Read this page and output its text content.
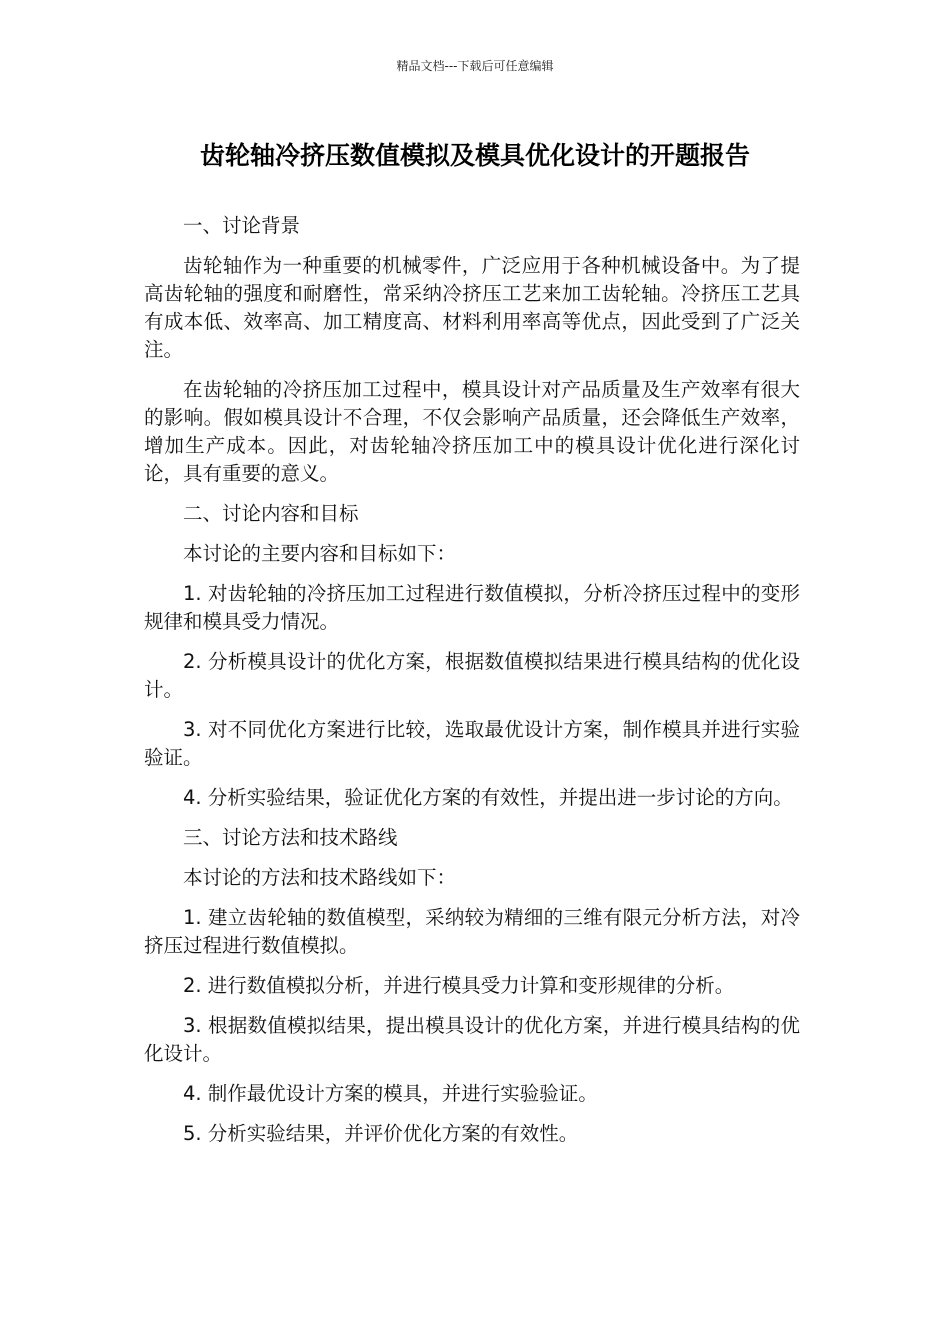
精品文档---下载后可任意编辑
齿轮轴冷挤压数值模拟及模具优化设计的开题报告

一、讨论背景

齿轮轴作为一种重要的机械零件，广泛应用于各种机械设备中。为了提高齿轮轴的强度和耐磨性，常采纳冷挤压工艺来加工齿轮轴。冷挤压工艺具有成本低、效率高、加工精度高、材料利用率高等优点，因此受到了广泛关注。

在齿轮轴的冷挤压加工过程中，模具设计对产品质量及生产效率有很大的影响。假如模具设计不合理，不仅会影响产品质量，还会降低生产效率，增加生产成本。因此，对齿轮轴冷挤压加工中的模具设计优化进行深化讨论，具有重要的意义。

二、讨论内容和目标

本讨论的主要内容和目标如下：

1. 对齿轮轴的冷挤压加工过程进行数值模拟，分析冷挤压过程中的变形规律和模具受力情况。

2. 分析模具设计的优化方案，根据数值模拟结果进行模具结构的优化设计。

3. 对不同优化方案进行比较，选取最优设计方案，制作模具并进行实验验证。

4. 分析实验结果，验证优化方案的有效性，并提出进一步讨论的方向。

三、讨论方法和技术路线

本讨论的方法和技术路线如下：

1. 建立齿轮轴的数值模型，采纳较为精细的三维有限元分析方法，对冷挤压过程进行数值模拟。

2. 进行数值模拟分析，并进行模具受力计算和变形规律的分析。

3. 根据数值模拟结果，提出模具设计的优化方案，并进行模具结构的优化设计。

4. 制作最优设计方案的模具，并进行实验验证。

5. 分析实验结果，并评价优化方案的有效性。
